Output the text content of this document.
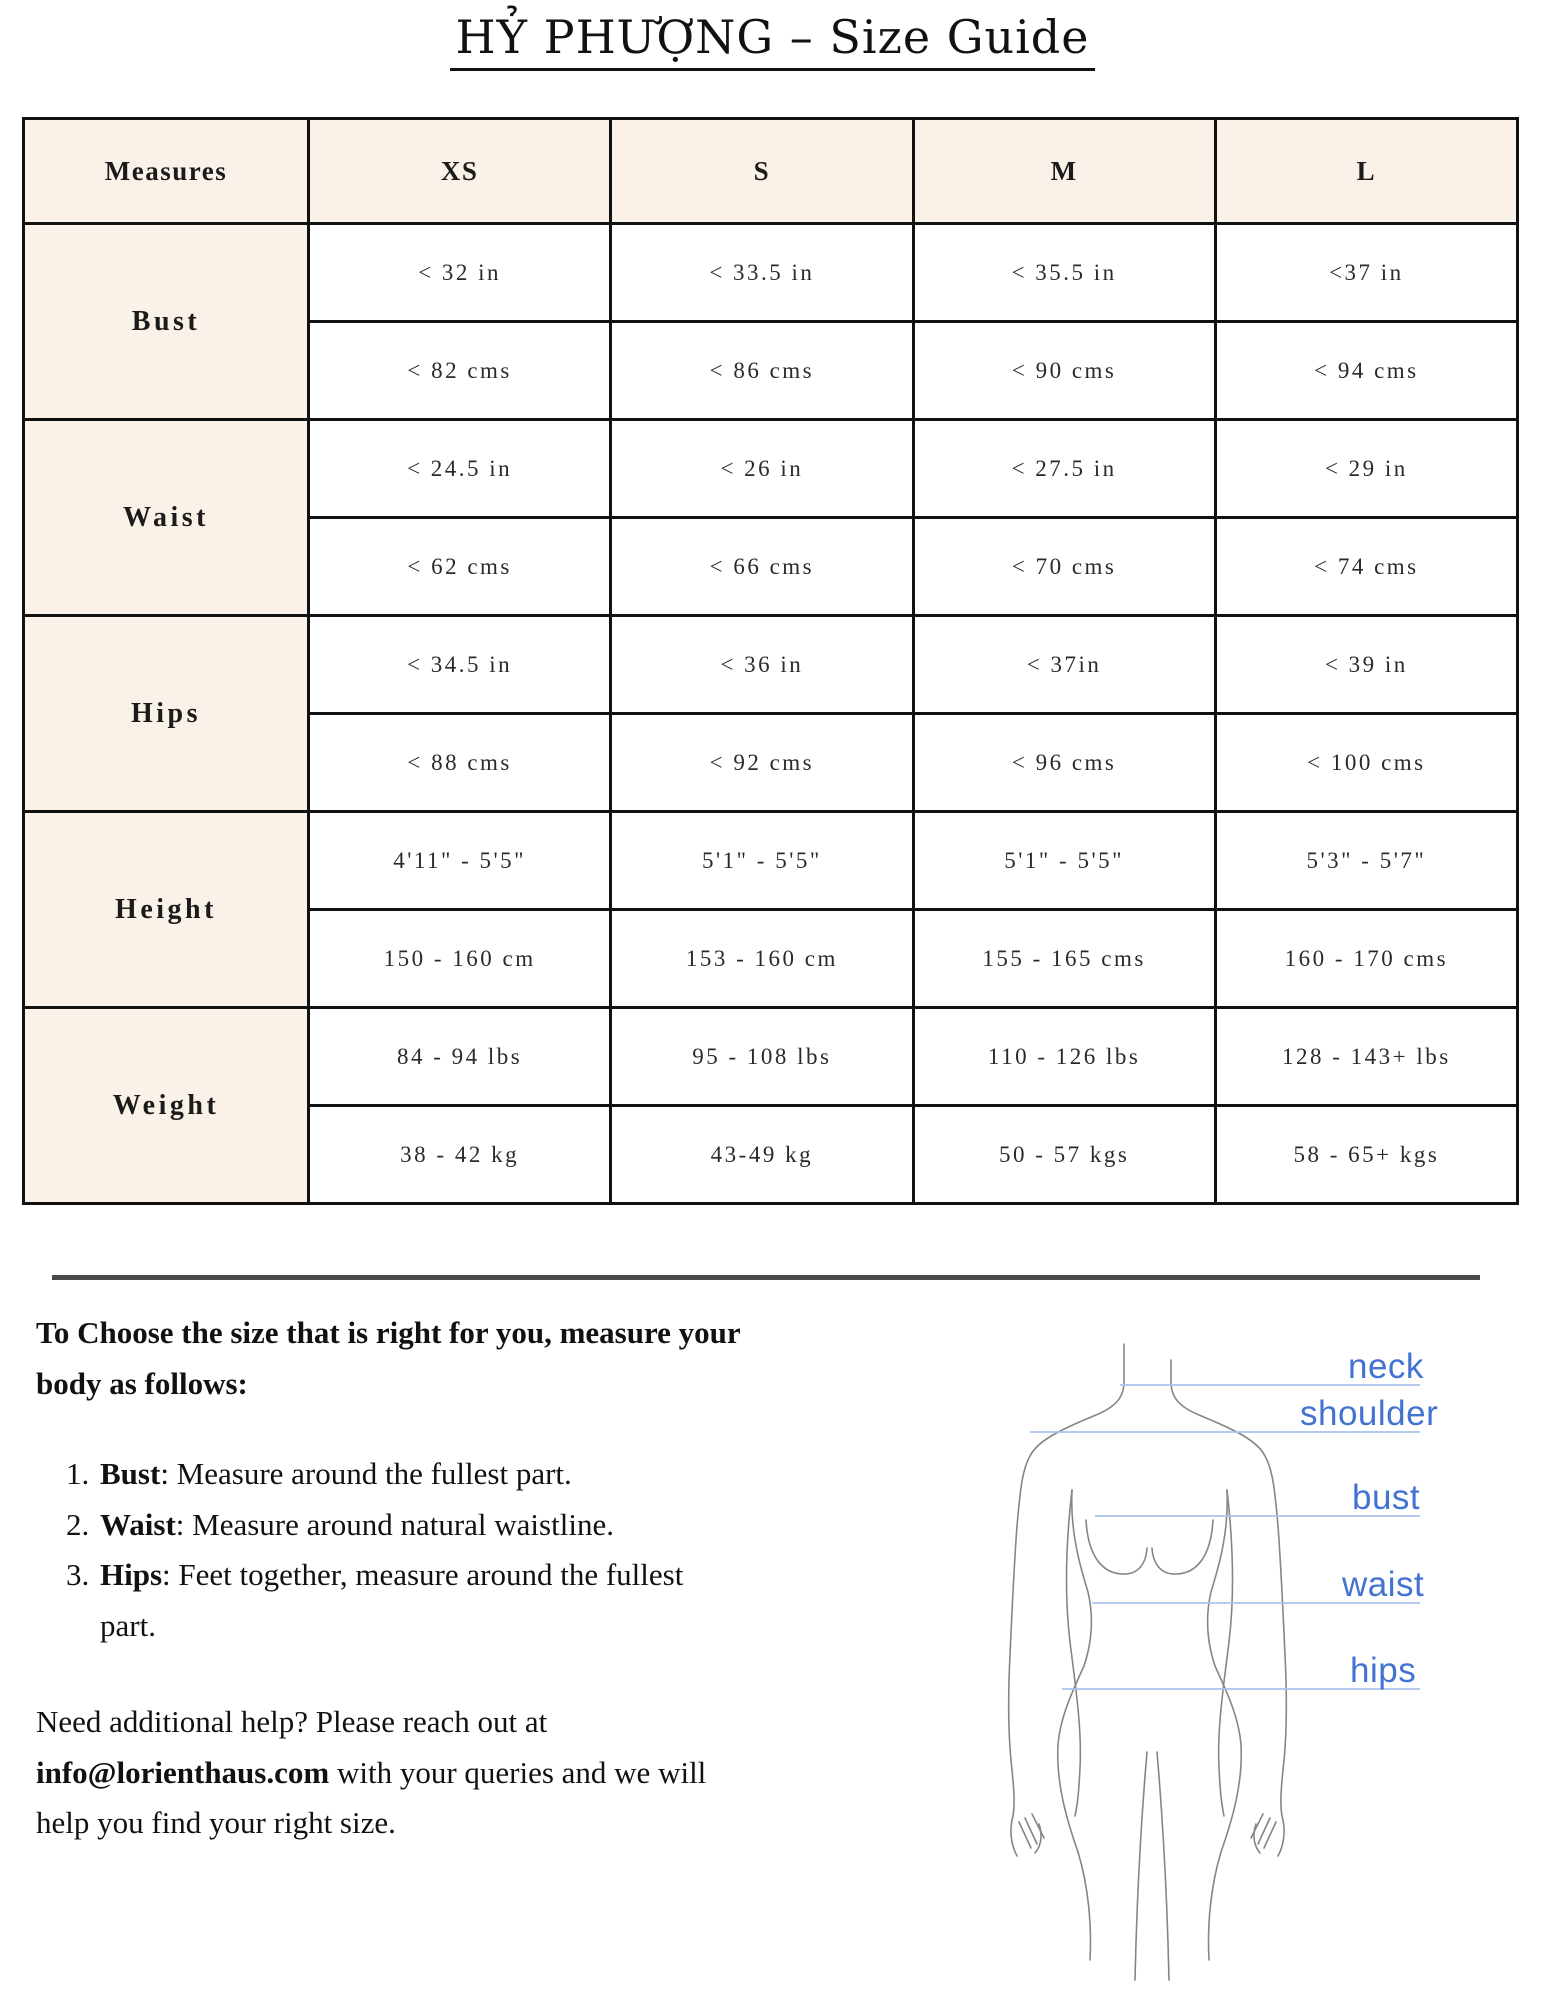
HỶ PHƯỢNG – Size Guide
Measures	XS	S	M	L
Bust	< 32 in	< 33.5 in	< 35.5 in	<37 in
	< 82 cms	< 86 cms	< 90 cms	< 94 cms
Waist	< 24.5 in	< 26 in	< 27.5 in	< 29 in
	< 62 cms	< 66 cms	< 70 cms	< 74 cms
Hips	< 34.5 in	< 36 in	< 37in	< 39 in
	< 88 cms	< 92 cms	< 96 cms	< 100 cms
Height	4'11" - 5'5"	5'1" - 5'5"	5'1" - 5'5"	5'3" - 5'7"
	150 - 160 cm	153 - 160 cm	155 - 165 cms	160 - 170 cms
Weight	84 - 94 lbs	95 - 108 lbs	110 - 126 lbs	128 - 143+ lbs
	38 - 42 kg	43-49 kg	50 - 57 kgs	58 - 65+ kgs
To Choose the size that is right for you, measure your body as follows:
1. Bust: Measure around the fullest part.
2. Waist: Measure around natural waistline.
3. Hips: Feet together, measure around the fullest part.
Need additional help? Please reach out at info@lorienthaus.com with your queries and we will help you find your right size.
neck
shoulder
bust
waist
hips
